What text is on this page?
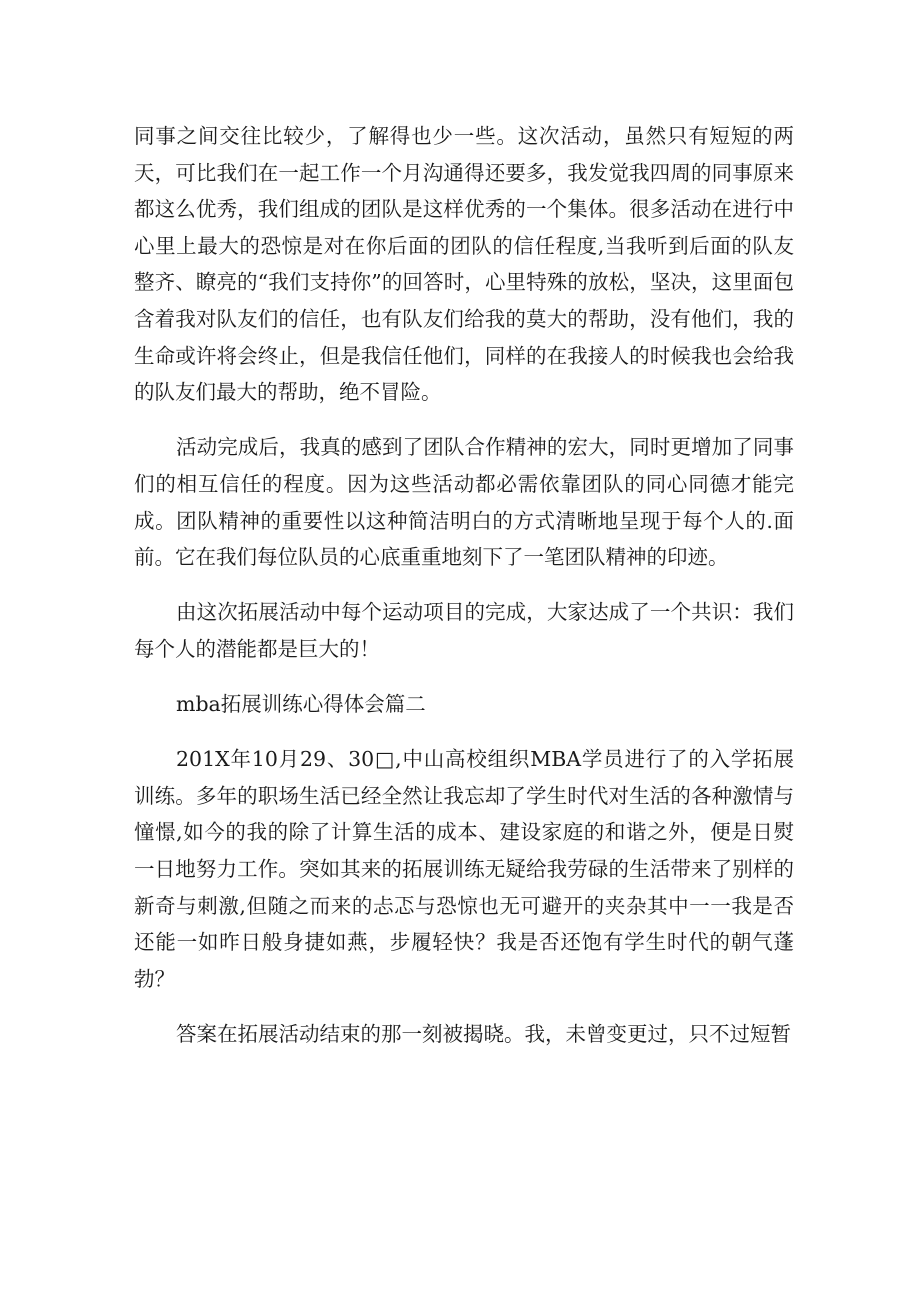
同事之间交往比较少，了解得也少一些。这次活动，虽然只有短短的两天，可比我们在一起工作一个月沟通得还要多，我发觉我四周的同事原来都这么优秀，我们组成的团队是这样优秀的一个集体。很多活动在进行中心里上最大的恐惊是对在你后面的团队的信任程度,当我听到后面的队友整齐、瞭亮的“我们支持你”的回答时，心里特殊的放松，坚决，这里面包含着我对队友们的信任，也有队友们给我的莫大的帮助，没有他们，我的生命或许将会终止，但是我信任他们，同样的在我接人的时候我也会给我的队友们最大的帮助，绝不冒险。

活动完成后，我真的感到了团队合作精神的宏大，同时更增加了同事们的相互信任的程度。因为这些活动都必需依靠团队的同心同德才能完成。团队精神的重要性以这种简洁明白的方式清晰地呈现于每个人的.面前。它在我们每位队员的心底重重地刻下了一笔团队精神的印迹。

由这次拓展活动中每个运动项目的完成，大家达成了一个共识：我们每个人的潜能都是巨大的！

mba拓展训练心得体会篇二

201X年10月29、30□,中山高校组织MBA学员进行了的入学拓展训练。多年的职场生活已经全然让我忘却了学生时代对生活的各种激情与憧憬,如今的我的除了计算生活的成本、建设家庭的和谐之外，便是日熨一日地努力工作。突如其来的拓展训练无疑给我劳碌的生活带来了别样的新奇与刺激,但随之而来的忐忑与恐惊也无可避开的夹杂其中一一我是否还能一如昨日般身捷如燕，步履轻快？我是否还饱有学生时代的朝气蓬勃？

答案在拓展活动结束的那一刻被揭晓。我，未曾变更过，只不过短暂
